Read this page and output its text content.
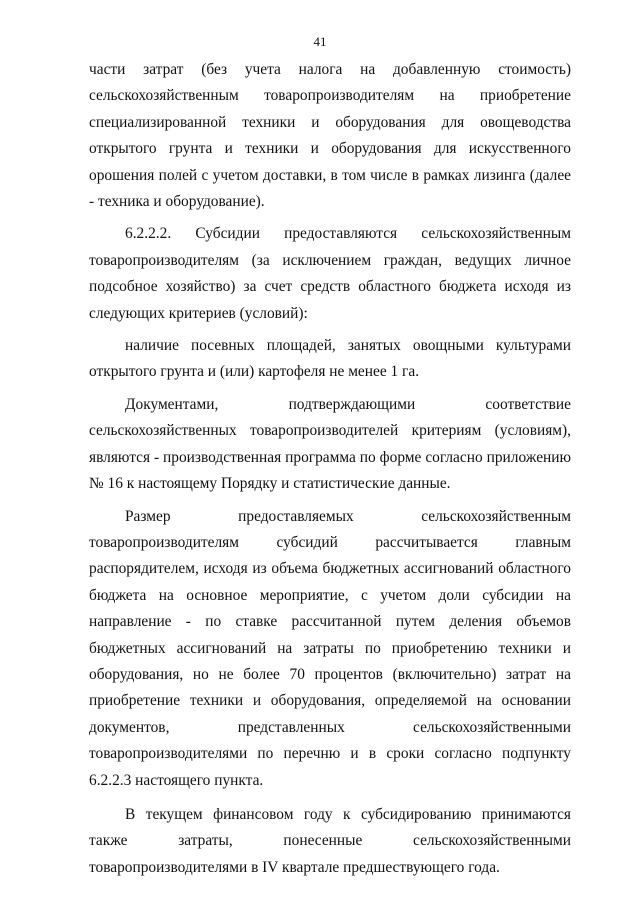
41

части затрат (без учета налога на добавленную стоимость) сельскохозяйственным товаропроизводителям на приобретение специализированной техники и оборудования для овощеводства открытого грунта и техники и оборудования для искусственного орошения полей с учетом доставки, в том числе в рамках лизинга (далее - техника и оборудование).

6.2.2.2. Субсидии предоставляются сельскохозяйственным товаропроизводителям (за исключением граждан, ведущих личное подсобное хозяйство) за счет средств областного бюджета исходя из следующих критериев (условий):

наличие посевных площадей, занятых овощными культурами открытого грунта и (или) картофеля не менее 1 га.

Документами, подтверждающими соответствие сельскохозяйственных товаропроизводителей критериям (условиям), являются - производственная программа по форме согласно приложению № 16 к настоящему Порядку и статистические данные.

Размер предоставляемых сельскохозяйственным товаропроизводителям субсидий рассчитывается главным распорядителем, исходя из объема бюджетных ассигнований областного бюджета на основное мероприятие, с учетом доли субсидии на направление - по ставке рассчитанной путем деления объемов бюджетных ассигнований на затраты по приобретению техники и оборудования, но не более 70 процентов (включительно) затрат на приобретение техники и оборудования, определяемой на основании документов, представленных сельскохозяйственными товаропроизводителями по перечню и в сроки согласно подпункту 6.2.2.3 настоящего пункта.

В текущем финансовом году к субсидированию принимаются также затраты, понесенные сельскохозяйственными товаропроизводителями в IV квартале предшествующего года.
